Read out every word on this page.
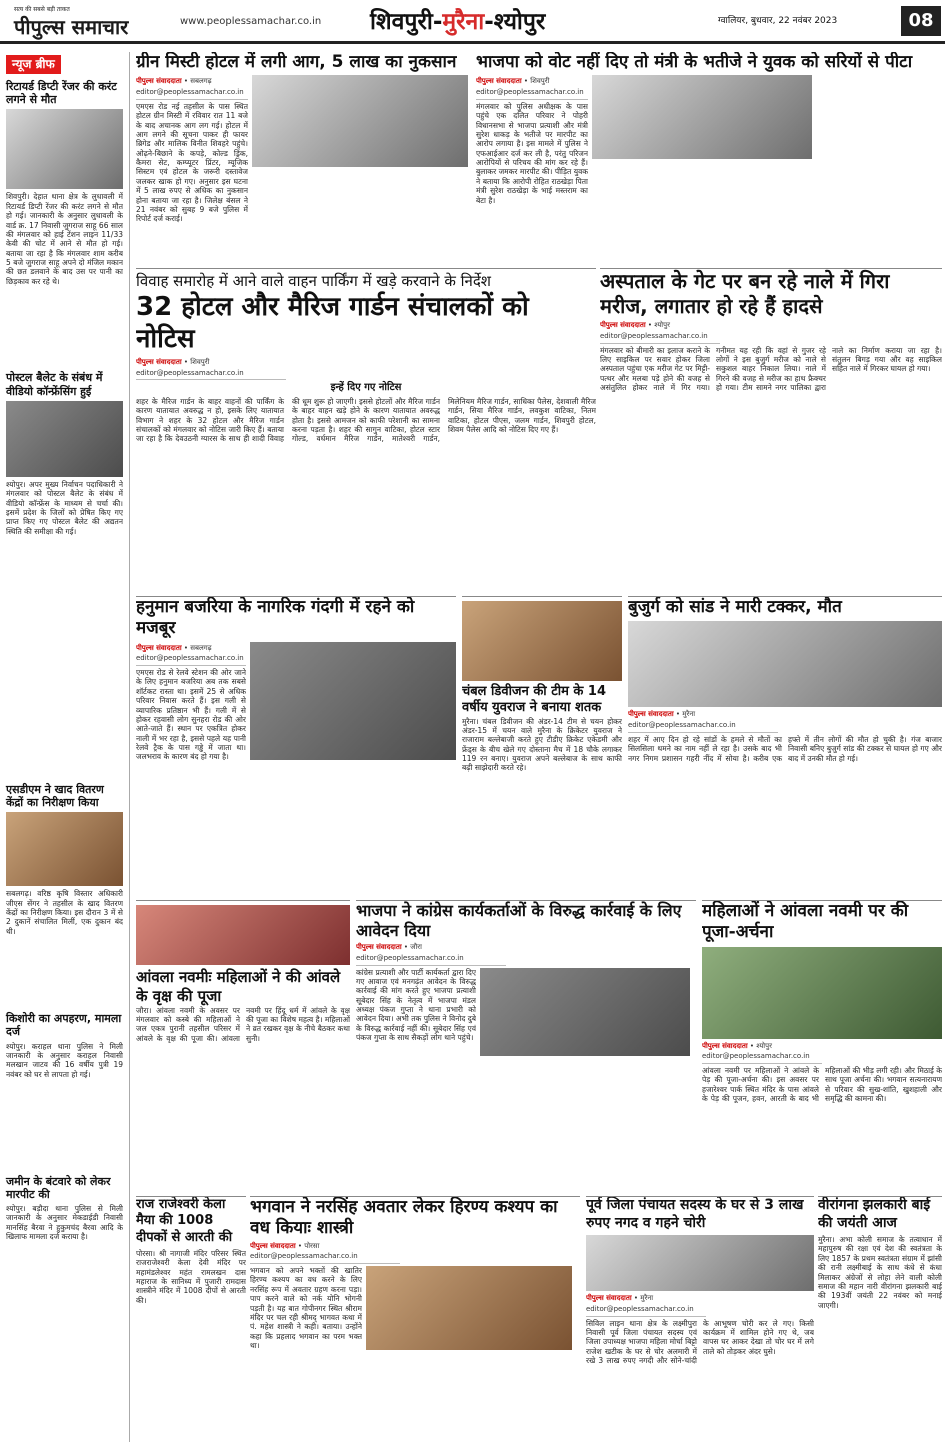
सत्य की सबसे बड़ी ताकत
पीपुल्स समाचार	www.peoplessamachar.co.in शिवपुरी-मुरैना-श्योपुर	ग्वालियर, बुधवार, 22 नवंबर 2023	08
न्यूज ब्रीफ
रिटायर्ड डिप्टी रेंजर की करंट लगने से मौत
शिवपुरी। देहात थाना क्षेत्र के लुधावली में रिटायर्ड डिप्टी रेंजर की करंट लगने से मौत हो गई। जानकारी के अनुसार लुधावली के वार्ड क्र. 17 निवासी जुगराज साहू 66 साल की मंगलवार को हाई टेंशन लाइन 11/33 केवी की चोट में आने से मौत हो गई। बताया जा रहा है कि मंगलवार शाम करीब 5 बजे जुगराज साहू अपने दो मंजिल मकान की छत डलवाने के बाद उस पर पानी का छिड़काव कर रहे थे।
पोस्टल बैलेट के संबंध में वीडियो कॉन्फ्रेंसिंग हुई
श्योपुर। अपर मुख्य निर्वाचन पदाधिकारी ने मंगलवार को पोस्टल बैलेट के संबंध में वीडियो कॉन्फ्रेंस के माध्यम से चर्चा की। इसमें प्रदेश के जिलों को प्रेषित किए गए प्राप्त किए गए पोस्टल बैलेट की अद्यतन स्थिति की समीक्षा की गई।
एसडीएम ने खाद वितरण केंद्रों का निरीक्षण किया
सबलगढ़। वरिष्ठ कृषि विस्तार अधिकारी जीएस सेंगर ने तहसील के खाद वितरण केंद्रों का निरीक्षण किया। इस दौरान 3 में से 2 दुकानें संचालित मिलीं, एक दुकान बंद थी।
किशोरी का अपहरण, मामला दर्ज
श्योपुर। कराहल थाना पुलिस ने मिली जानकारी के अनुसार कराहल निवासी मलखान जाटव की 16 वर्षीय पुत्री 19 नवंबर को घर से लापता हो गई।
जमीन के बंटवारे को लेकर मारपीट की
श्योपुर। बड़ौदा थाना पुलिस से मिली जानकारी के अनुसार मेकडाईडी निवासी मानसिंह बैरवा ने हुकुमचंद बैरवा आदि के खिलाफ मामला दर्ज कराया है।
ग्रीन मिस्टी होटल में लगी आग, 5 लाख का नुकसान
पीपुल्स संवाददाता • सबलगढ़
editor@peoplessamachar.co.in
एमएस रोड नई तहसील के पास स्थित होटल ग्रीन मिस्टी में रविवार रात 11 बजे के बाद अचानक आग लग गई। होटल में आग लगने की सूचना पाकर ही फायर ब्रिगेड और मालिक विनीत शिवहरे पहुंचे। ओढ़ने-बिछाने के कपड़े, कोल्ड ड्रिंक, कैमरा सेट, कम्प्यूटर प्रिंटर, म्यूजिक सिस्टम एवं होटल के जरूरी दस्तावेज जलकर खाक हो गए। अनुसार इस घटना में 5 लाख रुपए से अधिक का नुकसान होना बताया जा रहा है। जिलेक्ष बंसल ने 21 नवंबर को सुबह 9 बजे पुलिस में रिपोर्ट दर्ज कराई।
भाजपा को वोट नहीं दिए तो मंत्री के भतीजे ने युवक को सरियों से पीटा
पीपुल्स संवाददाता • शिवपुरी
editor@peoplessamachar.co.in
मंगलवार को पुलिस अधीक्षक के पास पहुंचे एक दलित परिवार ने पोहरी विधानसभा से भाजपा प्रत्याशी और मंत्री सुरेश धाकड़ के भतीजे पर मारपीट का आरोप लगाया है। इस मामले में पुलिस ने एफआईआर दर्ज कर ली है, परंतु परिजन आरोपियों से परिचय की मांग कर रहे हैं। बुलाकर जमकर मारपीट की। पीड़ित युवक ने बताया कि आरोपी रोहित राठखेड़ा पिता मंत्री सुरेश राठखेड़ा के भाई मस्तराम का बेटा है।
विवाह समारोह में आने वाले वाहन पार्किंग में खड़े करवाने के निर्देश
32 होटल और मैरिज गार्डन संचालकों को नोटिस
पीपुल्स संवाददाता • शिवपुरी
editor@peoplessamachar.co.in
इन्हें दिए गए नोटिस
शहर के मैरिज गार्डन के बाहर वाहनों की पार्किंग के कारण यातायात अवरुद्ध न हो, इसके लिए यातायात विभाग ने शहर के 32 होटल और मैरिज गार्डन संचालकों को मंगलवार को नोटिस जारी किए हैं। बताया जा रहा है कि देवउठनी ग्यारस के साथ ही शादी विवाह की धूम शुरू हो जाएगी। इससे होटलों और मैरिज गार्डन के बाहर वाहन खड़े होने के कारण यातायात अवरुद्ध होता है। इससे आमजन को काफी परेशानी का सामना करना पड़ता है। शहर की सागुन वाटिका, होटल स्टार गोल्ड, वर्धमान मैरिज गार्डन, मातेश्वरी गार्डन, मिलेनियम मैरिज गार्डन, साधिका पैलेस, देशवाली मैरिज गार्डन, सिया मैरिज गार्डन, लवकुश वाटिका, नितम वाटिका, होटल पीएस, जलम गार्डन, शिवपुरी होटल, शिवम पैलेस आदि को नोटिस दिए गए हैं।
अस्पताल के गेट पर बन रहे नाले में गिरा मरीज, लगातार हो रहे हैं हादसे
पीपुल्स संवाददाता • श्योपुर
editor@peoplessamachar.co.in
मंगलवार को बीमारी का इलाज कराने के लिए साइकिल पर सवार होकर जिला अस्पताल पहुंचा एक मरीज गेट पर मिट्टी-पत्थर और मलबा पड़े होने की वजह से असंतुलित होकर नाले में गिर गया। गनीमत यह रही कि वहां से गुजर रहे लोगों ने इस बुजुर्ग मरीज को नाले से सकुशल बाहर निकाल लिया। नाले में गिरने की वजह से मरीज का हाथ फ्रैक्चर हो गया। टीम सामने नगर पालिका द्वारा नाले का निर्माण कराया जा रहा है। संतुलन बिगड़ गया और वह साइकिल सहित नाले में गिरकर घायल हो गया।
हनुमान बजरिया के नागरिक गंदगी में रहने को मजबूर
पीपुल्स संवाददाता • सबलगढ़
editor@peoplessamachar.co.in
एमएस रोड से रेलवे स्टेशन की ओर जाने के लिए हनुमान बजरिया अब तक सबसे शॉर्टकट रास्ता था। इसमें 25 से अधिक परिवार निवास करते हैं। इस गली से व्यापारिक प्रतिष्ठान भी हैं। गली में से होकर रहवासी लोग सुनहरा रोड की ओर आते-जाते हैं। स्थान पर एकत्रित होकर नाली में भर रहा है, इससे पहले यह पानी रेलवे ट्रैक के पास गड्ढे में जाता था। जलभराव के कारण बंद हो गया है।
चंबल डिवीजन की टीम के 14 वर्षीय युवराज ने बनाया शतक
मुरैना। चंबल डिवीजन की अंडर-14 टीम से चयन होकर अंडर-15 में चयन वाले मुरैना के क्रिकेटर युवराज ने राजाराम बल्लेबाजी करते हुए टीडीए क्रिकेट एकेडमी और फ्रेंड्स के बीच खेले गए दोस्ताना मैच में 18 चौके लगाकर 119 रन बनाए। युवराज अपने बल्लेबाज के साथ काफी बढ़ी साझेदारी करते रहे।
बुजुर्ग को सांड ने मारी टक्कर, मौत
पीपुल्स संवाददाता • मुरैना
editor@peoplessamachar.co.in
शहर में आए दिन हो रहे सांडों के हमले से मौतों का सिलसिला थमने का नाम नहीं ले रहा है। उसके बाद भी नगर निगम प्रशासन गहरी नींद में सोया है। करीब एक हफ्ते में तीन लोगों की मौत हो चुकी है। गंज बाजार निवासी बनिए बुजुर्ग सांड की टक्कर से घायल हो गए और बाद में उनकी मौत हो गई।
भाजपा ने कांग्रेस कार्यकर्ताओं के विरुद्ध कार्रवाई के लिए आवेदन दिया
पीपुल्स संवाददाता • जौरा
editor@peoplessamachar.co.in
कांग्रेस प्रत्याशी और पार्टी कार्यकर्ता द्वारा दिए गए आवाज एवं मनगढ़ंत आवेदन के विरुद्ध कार्रवाई की मांग करते हुए भाजपा प्रत्याशी सूबेदार सिंह के नेतृत्व में भाजपा मंडल अध्यक्ष पंकज गुप्ता ने थाना प्रभारी को आवेदन दिया। अभी तक पुलिस ने विनोद दुबे के विरुद्ध कार्रवाई नहीं की। सूबेदार सिंह एवं पंकज गुप्ता के साथ सैकड़ों लोग थाने पहुंचे।
महिलाओं ने आंवला नवमी पर की पूजा-अर्चना
पीपुल्स संवाददाता • श्योपुर
editor@peoplessamachar.co.in
आंवला नवमी पर महिलाओं ने आंवले के पेड़ की पूजा-अर्चना की। इस अवसर पर हजारेश्वर पार्क स्थित मंदिर के पास आंवले के पेड़ की पूजन, हवन, आरती के बाद भी महिलाओं की भीड़ लगी रही। और मिठाई के साथ पूजा अर्चना की। भगवान सत्यनारायण से परिवार की सुख-शांति, खुशहाली और समृद्धि की कामना की।
आंवला नवमीः महिलाओं ने की आंवले के वृक्ष की पूजा
जौरा। आंवला नवमी के अवसर पर मंगलवार को कस्बे की महिलाओं ने जल एकत्र पुरानी तहसील परिसर में आंवले के वृक्ष की पूजा की। आंवला नवमी पर हिंदू धर्म में आंवले के वृक्ष की पूजा का विशेष महत्व है। महिलाओं ने व्रत रखकर वृक्ष के नीचे बैठकर कथा सुनी।
राज राजेश्वरी केला मैया की 1008 दीपकों से आरती की
पोरसा। श्री नागाजी मंदिर परिसर स्थित राजराजेश्वरी केला देवी मंदिर पर महामंडलेश्वर महंत रामलखन दास महाराज के सानिध्य में पुजारी रामदास शास्त्रीने मंदिर में 1008 दीपों से आरती की।
भगवान ने नरसिंह अवतार लेकर हिरण्य कश्यप का वध कियाः शास्त्री
पीपुल्स संवाददाता • पोरसा
editor@peoplessamachar.co.in
भगवान को अपने भक्तों की खातिर हिरण्य कश्यप का वध करने के लिए नरसिंह रूप में अवतार ग्रहण करना पड़ा। पाप करने वाले को नर्क योनि भोगनी पड़ती है। यह बात गोपीनगर स्थित श्रीराम मंदिर पर चल रही श्रीमद् भागवत कथा में पं. महेश शास्त्री ने कही। बताया। उन्होंने कहा कि प्रहलाद भगवान का परम भक्त था।
पूर्व जिला पंचायत सदस्य के घर से 3 लाख रुपए नगद व गहने चोरी
पीपुल्स संवाददाता • मुरैना
editor@peoplessamachar.co.in
सिविल लाइन थाना क्षेत्र के लक्ष्मीपुरा निवासी पूर्व जिला पंचायत सदस्य एवं जिला उपाध्यक्ष भाजपा महिला मोर्चा बिट्टो राजेश खटीक के घर से चोर अलमारी में रखे 3 लाख रुपए नगदी और सोने-चांदी के आभूषण चोरी कर ले गए। किसी कार्यक्रम में शामिल होने गए थे, जब वापस घर आकर देखा तो चोर घर में लगे ताले को तोड़कर अंदर घुसे।
वीरांगना झलकारी बाई की जयंती आज
मुरैना। अभा कोली समाज के तत्वाधान में महापुरुष की रक्षा एवं देश की स्वतंत्रता के लिए 1857 के प्रथम स्वतंत्रता संग्राम में झांसी की रानी लक्ष्मीबाई के साथ कंधे से कंधा मिलाकर अंग्रेजों से लोहा लेने वाली कोली समाज की महान नारी वीरांगना झलकारी बाई की 193वीं जयंती 22 नवंबर को मनाई जाएगी।
